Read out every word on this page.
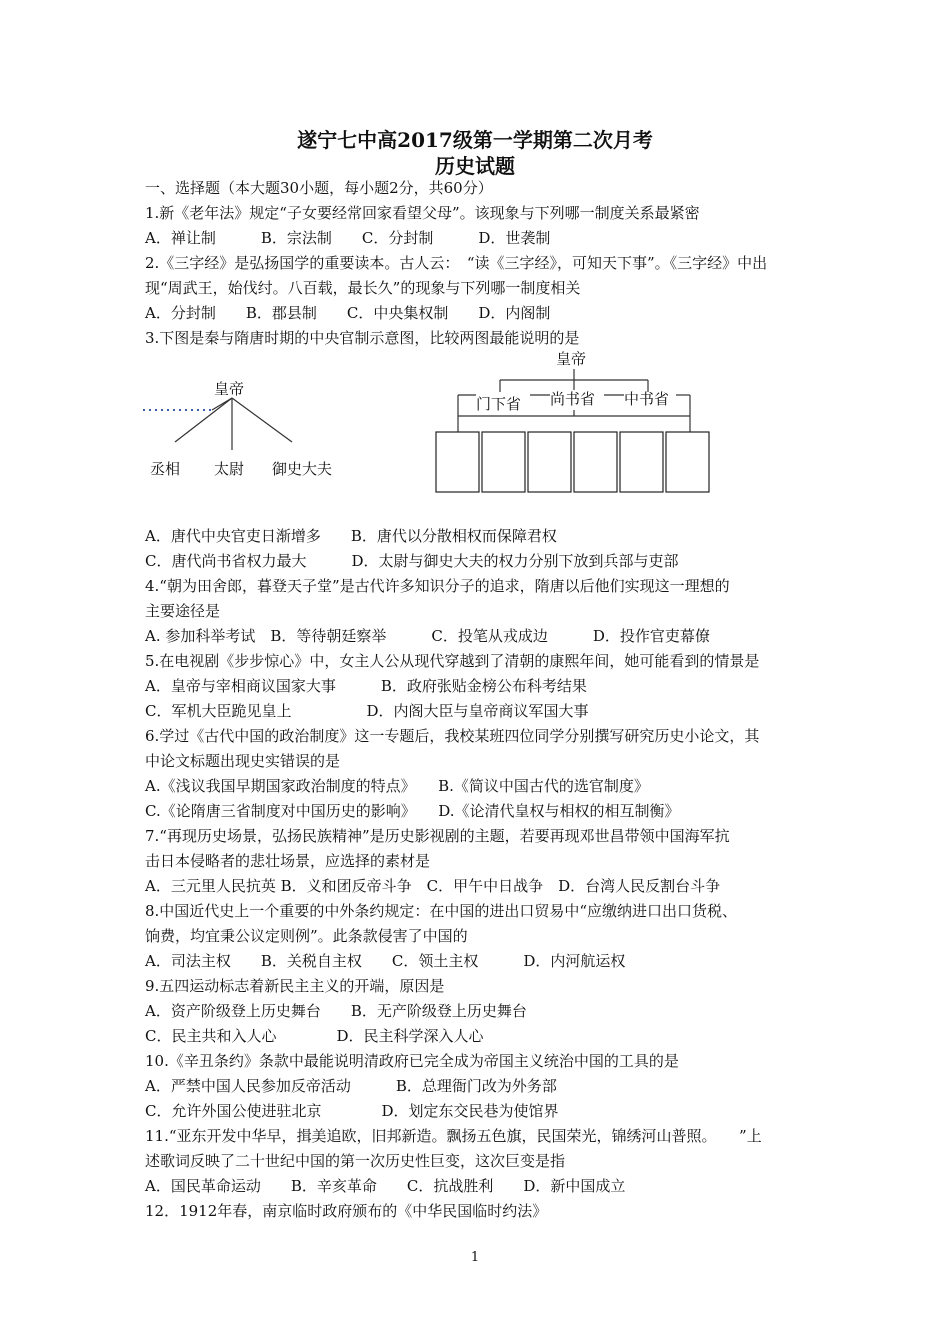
遂宁七中高2017级第一学期第二次月考
历史试题
一、选择题（本大题30小题，每小题2分，共60分）
1.新《老年法》规定“子女要经常回家看望父母”。该现象与下列哪一制度关系最紧密
A．禅让制　　　B．宗法制　　C．分封制　　　D．世袭制
2.《三字经》是弘扬国学的重要读本。古人云：　“读《三字经》，可知天下事”。《三字经》中出
现“周武王，始伐纣。八百载，最长久”的现象与下列哪一制度相关
A．分封制　　B．郡县制　　C．中央集权制　　D．内阁制
3.下图是秦与隋唐时期的中央官制示意图，比较两图最能说明的是
皇帝
丞相 太尉 御史大夫
皇帝
门下省 尚书省 中书省
A．唐代中央官吏日渐增多　　B．唐代以分散相权而保障君权
C．唐代尚书省权力最大　　　D．太尉与御史大夫的权力分别下放到兵部与吏部
4.“朝为田舍郎，暮登天子堂”是古代许多知识分子的追求，隋唐以后他们实现这一理想的
主要途径是
A. 参加科举考试　B．等待朝廷察举　　　C．投笔从戎成边　　　D．投作官吏幕僚
5.在电视剧《步步惊心》中，女主人公从现代穿越到了清朝的康熙年间，她可能看到的情景是
A．皇帝与宰相商议国家大事　　　B．政府张贴金榜公布科考结果
C．军机大臣跪见皇上　　　　　D．内阁大臣与皇帝商议军国大事
6.学过《古代中国的政治制度》这一专题后，我校某班四位同学分别撰写研究历史小论文，其
中论文标题出现史实错误的是
A.《浅议我国早期国家政治制度的特点》　　B.《简议中国古代的选官制度》
C.《论隋唐三省制度对中国历史的影响》　　D.《论清代皇权与相权的相互制衡》
7.“再现历史场景，弘扬民族精神”是历史影视剧的主题，若要再现邓世昌带领中国海军抗
击日本侵略者的悲壮场景，应选择的素材是
A．三元里人民抗英 B．义和团反帝斗争　C．甲午中日战争　D．台湾人民反割台斗争
8.中国近代史上一个重要的中外条约规定：在中国的进出口贸易中“应缴纳进口出口货税、
饷费，均宜秉公议定则例”。此条款侵害了中国的
A．司法主权　　B．关税自主权　　C．领土主权　　　D．内河航运权
9.五四运动标志着新民主主义的开端，原因是
A．资产阶级登上历史舞台　　B．无产阶级登上历史舞台
C．民主共和入人心　　　　D．民主科学深入人心
10.《辛丑条约》条款中最能说明清政府已完全成为帝国主义统治中国的工具的是
A．严禁中国人民参加反帝活动　　　B．总理衙门改为外务部
C．允许外国公使进驻北京　　　　D．划定东交民巷为使馆界
11.“亚东开发中华早，揖美追欧，旧邦新造。飘扬五色旗，民国荣光，锦绣河山普照。　　”上
述歌词反映了二十世纪中国的第一次历史性巨变，这次巨变是指
A．国民革命运动　　B．辛亥革命　　C．抗战胜利　　D．新中国成立
12．1912年春，南京临时政府颁布的《中华民国临时约法》
1
